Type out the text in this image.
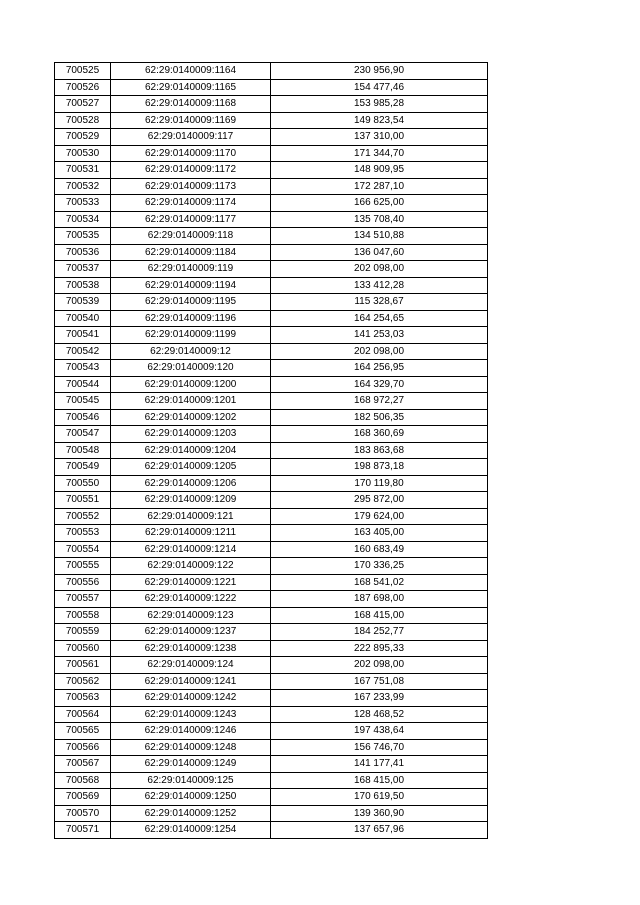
700525	62:29:0140009:1164	230 956,90
700526	62:29:0140009:1165	154 477,46
700527	62:29:0140009:1168	153 985,28
700528	62:29:0140009:1169	149 823,54
700529	62:29:0140009:117	137 310,00
700530	62:29:0140009:1170	171 344,70
700531	62:29:0140009:1172	148 909,95
700532	62:29:0140009:1173	172 287,10
700533	62:29:0140009:1174	166 625,00
700534	62:29:0140009:1177	135 708,40
700535	62:29:0140009:118	134 510,88
700536	62:29:0140009:1184	136 047,60
700537	62:29:0140009:119	202 098,00
700538	62:29:0140009:1194	133 412,28
700539	62:29:0140009:1195	115 328,67
700540	62:29:0140009:1196	164 254,65
700541	62:29:0140009:1199	141 253,03
700542	62:29:0140009:12	202 098,00
700543	62:29:0140009:120	164 256,95
700544	62:29:0140009:1200	164 329,70
700545	62:29:0140009:1201	168 972,27
700546	62:29:0140009:1202	182 506,35
700547	62:29:0140009:1203	168 360,69
700548	62:29:0140009:1204	183 863,68
700549	62:29:0140009:1205	198 873,18
700550	62:29:0140009:1206	170 119,80
700551	62:29:0140009:1209	295 872,00
700552	62:29:0140009:121	179 624,00
700553	62:29:0140009:1211	163 405,00
700554	62:29:0140009:1214	160 683,49
700555	62:29:0140009:122	170 336,25
700556	62:29:0140009:1221	168 541,02
700557	62:29:0140009:1222	187 698,00
700558	62:29:0140009:123	168 415,00
700559	62:29:0140009:1237	184 252,77
700560	62:29:0140009:1238	222 895,33
700561	62:29:0140009:124	202 098,00
700562	62:29:0140009:1241	167 751,08
700563	62:29:0140009:1242	167 233,99
700564	62:29:0140009:1243	128 468,52
700565	62:29:0140009:1246	197 438,64
700566	62:29:0140009:1248	156 746,70
700567	62:29:0140009:1249	141 177,41
700568	62:29:0140009:125	168 415,00
700569	62:29:0140009:1250	170 619,50
700570	62:29:0140009:1252	139 360,90
700571	62:29:0140009:1254	137 657,96
